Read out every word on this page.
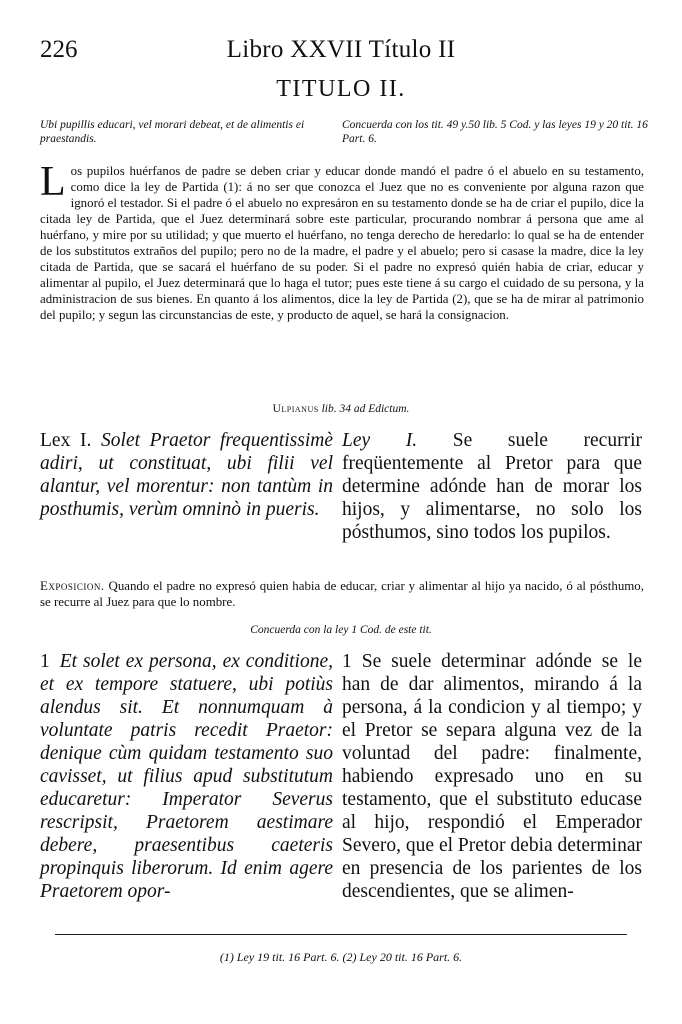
226	Libro XXVII Título II
TITULO II.
Ubi pupillis educari, vel morari debeat, et de alimentis ei praestandis.
Concuerda con los tit. 49 y.50 lib. 5 Cod. y las leyes 19 y 20 tit. 16 Part. 6.
Los pupilos huérfanos de padre se deben criar y educar donde mandó el padre ó el abuelo en su testamento, como dice la ley de Partida (1): á no ser que conozca el Juez que no es conveniente por alguna razon que ignoró el testador. Si el padre ó el abuelo no expresáron en su testamento donde se ha de criar el pupilo, dice la citada ley de Partida, que el Juez determinará sobre este particular, procurando nombrar á persona que ame al huérfano, y mire por su utilidad; y que muerto el huérfano, no tenga derecho de heredarlo: lo qual se ha de entender de los substitutos extraños del pupilo; pero no de la madre, el padre y el abuelo; pero si casase la madre, dice la ley citada de Partida, que se sacará el huérfano de su poder. Si el padre no expresó quién habia de criar, educar y alimentar al pupilo, el Juez determinará que lo haga el tutor; pues este tiene á su cargo el cuidado de su persona, y la administracion de sus bienes. En quanto á los alimentos, dice la ley de Partida (2), que se ha de mirar al patrimonio del pupilo; y segun las circunstancias de este, y producto de aquel, se hará la consignacion.
Ulpianus lib. 34 ad Edictum.
Lex I. Solet Praetor frequentissimè adiri, ut constituat, ubi filii vel alantur, vel morentur: non tantùm in posthumis, verùm omninò in pueris.
Ley I. Se suele recurrir freqüentemente al Pretor para que determine adónde han de morar los hijos, y alimentarse, no solo los pósthumos, sino todos los pupilos.
Exposicion. Quando el padre no expresó quien habia de educar, criar y alimentar al hijo ya nacido, ó al pósthumo, se recurre al Juez para que lo nombre.
Concuerda con la ley 1 Cod. de este tit.
1 Et solet ex persona, ex conditione, et ex tempore statuere, ubi potiùs alendus sit. Et nonnumquam à voluntate patris recedit Praetor: denique cùm quidam testamento suo cavisset, ut filius apud substitutum educaretur: Imperator Severus rescripsit, Praetorem aestimare debere, praesentibus caeteris propinquis liberorum. Id enim agere Praetorem opor-
1 Se suele determinar adónde se le han de dar alimentos, mirando á la persona, á la condicion y al tiempo; y el Pretor se separa alguna vez de la voluntad del padre: finalmente, habiendo expresado uno en su testamento, que el substituto educase al hijo, respondió el Emperador Severo, que el Pretor debia determinar en presencia de los parientes de los descendientes, que se alimen-
(1) Ley 19 tit. 16 Part. 6. (2) Ley 20 tit. 16 Part. 6.
